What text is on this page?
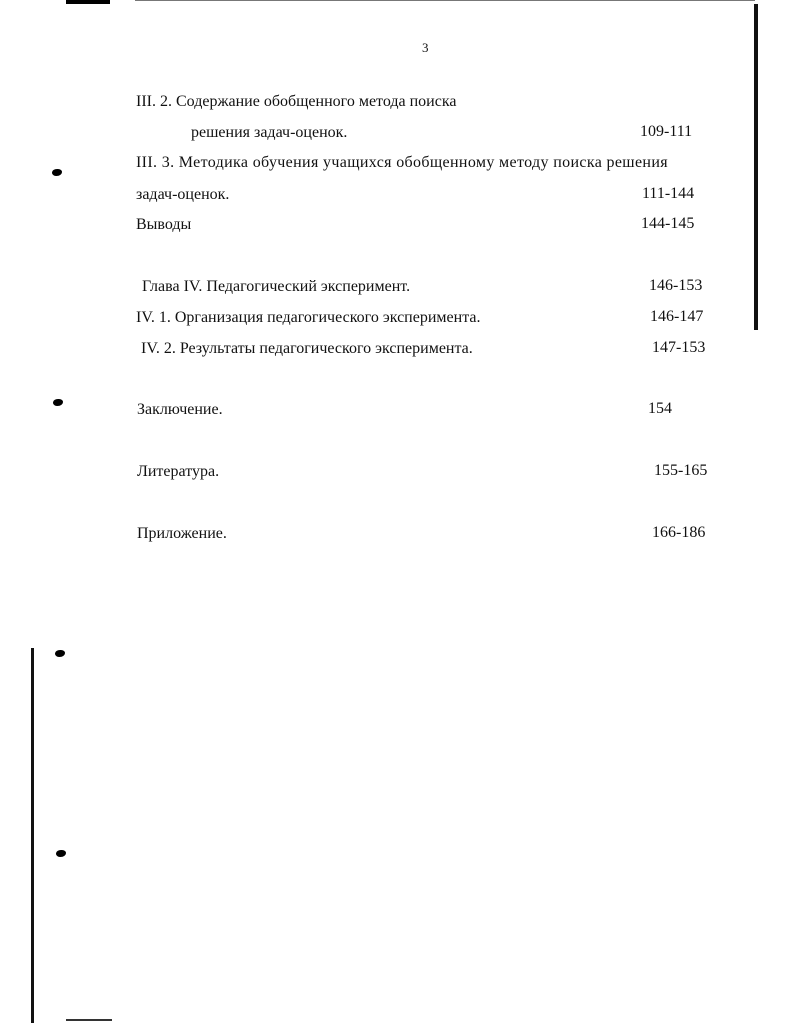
3
III. 2. Содержание обобщенного метода поиска
решения задач-оценок.	109-111
III. 3. Методика обучения учащихся обобщенному методу поиска решения
задач-оценок.	111-144
Выводы	144-145
Глава IV. Педагогический эксперимент.	146-153
IV. 1. Организация педагогического эксперимента.	146-147
IV. 2. Результаты педагогического эксперимента.	147-153
Заключение.	154
Литература.	155-165
Приложение.	166-186
